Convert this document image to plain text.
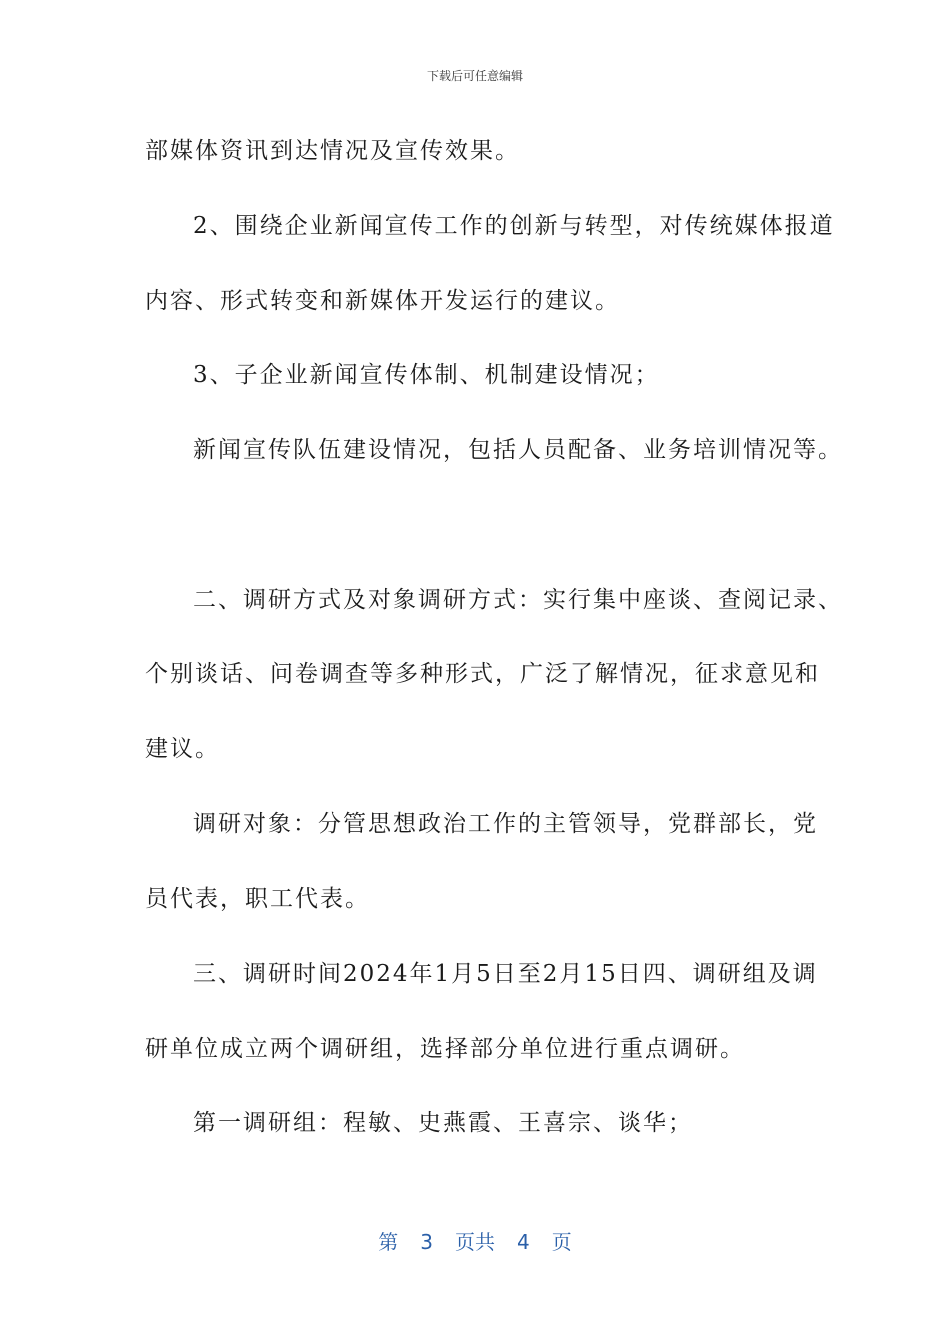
下载后可任意编辑
部媒体资讯到达情况及宣传效果。
2、围绕企业新闻宣传工作的创新与转型，对传统媒体报道
内容、形式转变和新媒体开发运行的建议。
3、子企业新闻宣传体制、机制建设情况；
新闻宣传队伍建设情况，包括人员配备、业务培训情况等。
二、调研方式及对象调研方式：实行集中座谈、查阅记录、
个别谈话、问卷调查等多种形式，广泛了解情况，征求意见和
建议。
调研对象：分管思想政治工作的主管领导，党群部长，党
员代表，职工代表。
三、调研时间2024年1月5日至2月15日四、调研组及调
研单位成立两个调研组，选择部分单位进行重点调研。
第一调研组：程敏、史燕霞、王喜宗、谈华；
第 3 页共 4 页
